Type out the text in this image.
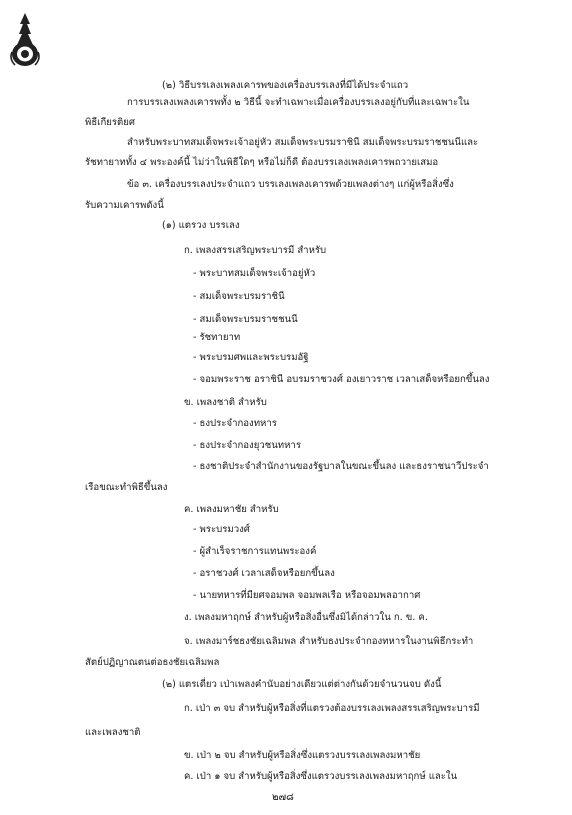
(๒) วิธีบรรเลงเพลงเคารพของเครื่องบรรเลงที่มีได้ประจำแถว
การบรรเลงเพลงเคารพทั้ง ๒ วิธีนี้ จะทำเฉพาะเมื่อเครื่องบรรเลงอยู่กับที่และเฉพาะใน
พิธีเกียรติยศ
สำหรับพระบาทสมเด็จพระเจ้าอยู่หัว สมเด็จพระบรมราชินี สมเด็จพระบรมราชชนนีและ
รัชทายาททั้ง ๔ พระองค์นี้ ไม่ว่าในพิธีใดๆ หรือไม่ก็ดี ต้องบรรเลงเพลงเคารพถวายเสมอ
ข้อ ๓. เครื่องบรรเลงประจำแถว บรรเลงเพลงเคารพด้วยเพลงต่างๆ แก่ผู้หรือสิ่งซึ่ง
รับความเคารพดังนี้
(๑) แตรวง บรรเลง
ก. เพลงสรรเสริญพระบารมี สำหรับ
- พระบาทสมเด็จพระเจ้าอยู่หัว
- สมเด็จพระบรมราชินี
- สมเด็จพระบรมราชชนนี
- รัชทายาท
- พระบรมศพและพระบรมอัฐิ
- จอมพระราช อราชินี อบรมราชวงศ์ องเยาวราช เวลาเสด็จหรือยกขึ้นลง
ข. เพลงชาติ สำหรับ
- ธงประจำกองทหาร
- ธงประจำกองยุวชนทหาร
- ธงชาติประจำสำนักงานของรัฐบาลในขณะขึ้นลง และธงราชนาวีประจำ
เรือขณะทำพิธีขึ้นลง
ค. เพลงมหาชัย สำหรับ
- พระบรมวงศ์
- ผู้สำเร็จราชการแทนพระองค์
- อราชวงศ์ เวลาเสด็จหรือยกขึ้นลง
- นายทหารที่มียศจอมพล จอมพลเรือ หรือจอมพลอากาศ
ง. เพลงมหาฤกษ์ สำหรับผู้หรือสิ่งอื่นซึ่งมิได้กล่าวใน ก. ข. ค.
จ. เพลงมาร์ชธงชัยเฉลิมพล สำหรับธงประจำกองทหารในงานพิธีกระทำ
สัตย์ปฏิญาณตนต่อธงชัยเฉลิมพล
(๒) แตรเดี่ยว เป่าเพลงคำนับอย่างเดียวแต่ต่างกันด้วยจำนวนจบ ดังนี้
ก. เป่า ๓ จบ สำหรับผู้หรือสิ่งที่แตรวงต้องบรรเลงเพลงสรรเสริญพระบารมี
และเพลงชาติ
ข. เป่า ๒ จบ สำหรับผู้หรือสิ่งซึ่งแตรวงบรรเลงเพลงมหาชัย
ค. เป่า ๑ จบ สำหรับผู้หรือสิ่งซึ่งแตรวงบรรเลงเพลงมหาฤกษ์ และใน
๒๗๘
